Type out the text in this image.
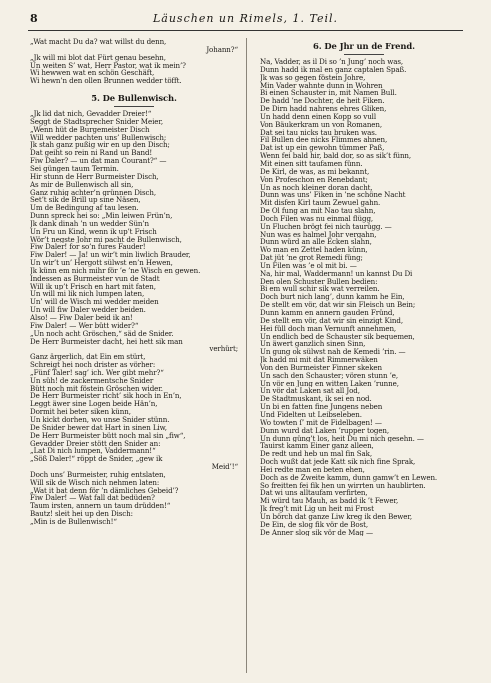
8	Läuschen un Rimels, 1. Teil.
„Wat macht Du da? wat willst du denn,
Johann?“
„Jk will mi blot dat Fürt genau besehn,
Un weiten S’ wat, Herr Pastor, wat ik mein’?
Wi hewwen wat en schön Geschäft,
Wi hewn’n den ollen Brunnen wedder töfft.
5. De Bullenwisch.
„Jk lid dat nich, Gevadder Dreier!“
Seggt de Stadtsprecher Snider Meier,
„Wenn hüt de Burgemeister Disch
Will wedder pachten uns’ Bullenwisch;
Jk stah ganz pußig wir en up den Disch;
Dat geiht so rein ni Rand un Band!
Fiw Daler? — un dat man Courant?“ —
Sei güngen taum Termin.
Hir stunn de Herr Burmeister Disch,
As mir de Bullenwisch all sin,
Ganz ruhig achter’n grünnen Disch,
Set’t sik de Brill up sine Näsen,
Um de Bedingung af tau lesen.
Dunn spreck hei so: „Min leiwen Frün’n,
Jk dank dinah ’n un wedder Sün’n
Un Fru un Kind, wenn ik up’t Frisch
Wör’t negste Johr mi pacht de Bullenwisch,
Fiw Daler! for so’n fures Fauder!
Fiw Daler! — Ja! un wir’t min liwlich Brauder,
Un wir’t un’ Hergott sülwst en’n Hewen,
Jk künn em nich mihr för ’e ’ne Wisch en gewen.
Indessen as Burmeister vun de Stadt
Will ik up’t Frisch en hart mit faten,
Un will mi lik nich lumpen laten,
Un’ will de Wisch mi wedder meiden
Un will fiw Daler wedder beiden.
Also! — Fiw Daler beid ik an!
Fiw Daler! — Wer bütt wider?“
„Un noch acht Gröschen,“ säd de Snider.
De Herr Burmeister dacht, hei hett sik man
verhürt;
Ganz ärgerlich, dat Ein em stürt,
Schreigt hei noch drister as vörher:
„Fünf Taler! sag’ ich. Wer gibt mehr?“
Un süh! de zackermentsche Snider
Bütt noch mit föstein Gröschen wider.
De Herr Burmeister richt’ sik hoch in En’n,
Leggt äwer sine Logen beide Hän’n,
Dormit hei beter siken künn,
Un kickt dorhen, wo unse Snider stünn.
De Snider bewer dat Hart in sinen Liw,
De Herr Burmeister bütt noch mal sin „fiw“,
Gevadder Dreier stött den Snider an:
„Lat Di nich lumpen, Vaddermann!“
„Söß Daler!“ röppt de Snider, „gew ik
Meid’!“
Doch uns’ Burmeister, ruhig entslaten,
Will sik de Wisch nich nehmen laten:
„Wat it bat denn för ’n dämliches Gebeid’?
Fiw Daler! — Wat fall dat bedüden?
Taum irsten, annern un taum drüdden!“
Bautz! sleit hei up den Disch:
„Min is de Bullenwisch!“
6. De Jhr un de Frend.
Na, Vadder, as il Di so ’n Jung’ noch was,
Dunn hadd ik mal en ganz captalen Spaß.
Jk was so gegen föstein Johre,
Min Vader wahnte dunn in Wohren
Bi einen Schauster in, mit Namen Bull.
De hadd ’ne Dochter, de heit Fiken.
De Dirn hadd nahrens ehres Gliken,
Un hadd denn einen Kopp so vull
Von Bäukerkram un von Romanen,
Dat sei tau nicks tau bruken was.
Fil Bullen dee nicks Flimmes ahnen,
Dat ist up ein gewohn tümmer Paß,
Wenn fei bald hir, bald dor, so as sik’t fünn,
Mit einen sitt taufamen fünn.
De Kirl, de was, as mi bekannt,
Von Profeschon en Renebdant;
Un as noch kleiner doran dacht,
Dunn was uns’ Fiken in ’ne schöne Nacht
Mit disfen Kirl taum Zewuel gahn.
De Ol fung an mit Nao tau slahn,
Doch Filen was nu einmal flügg,
Un Fluchen brögt fei nich taurügg. —
Nun was es halmel Johr vergahn,
Dunn würd an alle Ecken slahn,
Wo man en Zettel haden künn,
Dat jüt ’ne grot Remedi füng;
Un Filen was ’e ol mit bi. —
Na, hir mal, Waddermann! un kannst Du Di
Den olen Schuster Bullen bedien:
Bi em wull schir sik wat verreilen.
Doch burt nich lang’, dunn kamm he Ein,
De stellt em vör, dat wir sin Fleisch un Bein;
Dunn kamm en annern gauden Fründ,
De stellt em vör, dat wir sin einzigt Kind,
Hei füll doch man Vernunft annehmen,
Un endlich bed de Schauster sik bequemen,
Un äwert ganzlich sinen Sinn,
Un gung ok sülwst nah de Kemedi ’rin. —
Jk hadd mi mit dat Rimmerwäken
Von den Burmeister Finner skeken
Un sach den Schauster; vören stunn ’e,
Un vör en Jung en witten Laken ’runne,
Un vör dat Laken sat all Jod,
De Stadtmuskant, ik sei en nod.
Un bi en fatten fine Jungens neben
Und Fidelten ut Leibseleben.
Wo towten ſ’ mit de Fidelbagen! —
Dunn wurd dat Laken ’rupper togen,
Un dunn güng’t los, heit Du mi nich gesehn. —
Tauirst kamm Einer ganz alleen,
De redt und heb un mal fin Sak,
Doch wußt dat jede Katt sik nich fine Sprak,
Hei redte man en beten ehen,
Doch as de Zweite kamm, dunn gamw’t en Lewen.
So freitten fei fik hen un wirrten un haublirten.
Dat wi uns alltaufam verfirten,
Mi würd tau Mauh, as badd ik ’t Fewer,
Jk freg’t mit Lig un heit mi Frost
Un börch dat ganze Liw kreg ik den Bewer,
De Ein, de slog fik vör de Bost,
De Anner slog sik vör de Mag —
